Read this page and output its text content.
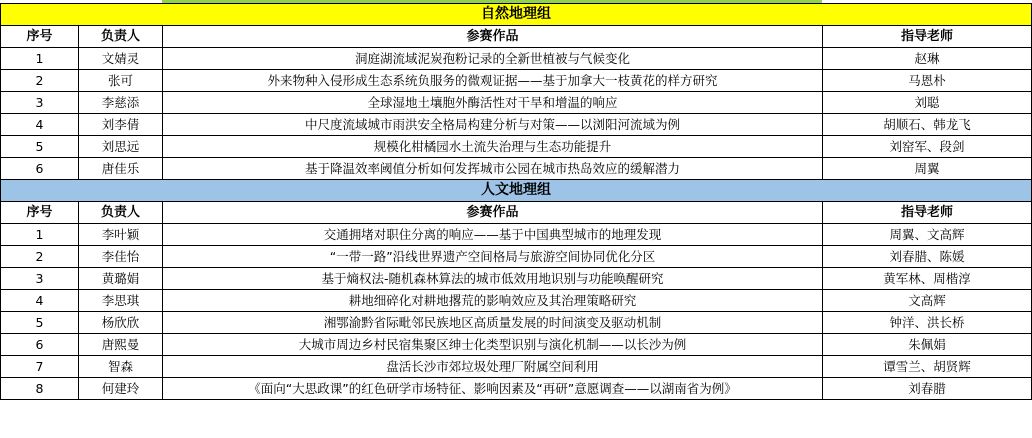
自然地理组			
序号	负责人	参赛作品	指导老师
1	文婧灵	洞庭湖流域泥炭孢粉记录的全新世植被与气候变化	赵琳
2	张可	外来物种入侵形成生态系统负服务的微观证据——基于加拿大一枝黄花的样方研究	马恩朴
3	李慈添	全球湿地土壤胞外酶活性对干旱和增温的响应	刘聪
4	刘李倩	中尺度流域城市雨洪安全格局构建分析与对策——以浏阳河流域为例	胡顺石、韩龙飞
5	刘思远	规模化柑橘园水土流失治理与生态功能提升	刘窑军、段剑
6	唐佳乐	基于降温效率阈值分析如何发挥城市公园在城市热岛效应的缓解潜力	周翼
人文地理组			
序号	负责人	参赛作品	指导老师
1	李叶颖	交通拥堵对职住分离的响应——基于中国典型城市的地理发现	周翼、文高辉
2	李佳怡	“一带一路”沿线世界遗产空间格局与旅游空间协同优化分区	刘春腊、陈媛
3	黄璐娟	基于熵权法-随机森林算法的城市低效用地识别与功能唤醒研究	黄军林、周楷淳
4	李思琪	耕地细碎化对耕地撂荒的影响效应及其治理策略研究	文高辉
5	杨欣欣	湘鄂渝黔省际毗邻民族地区高质量发展的时间演变及驱动机制	钟洋、洪长桥
6	唐熙曼	大城市周边乡村民宿集聚区绅士化类型识别与演化机制——以长沙为例	朱佩娟
7	智森	盘活长沙市郊垃圾处理厂附属空间利用	谭雪兰、胡贤辉
8	何建玲	《面向“大思政课”的红色研学市场特征、影响因素及“再研”意愿调查——以湖南省为例》	刘春腊
